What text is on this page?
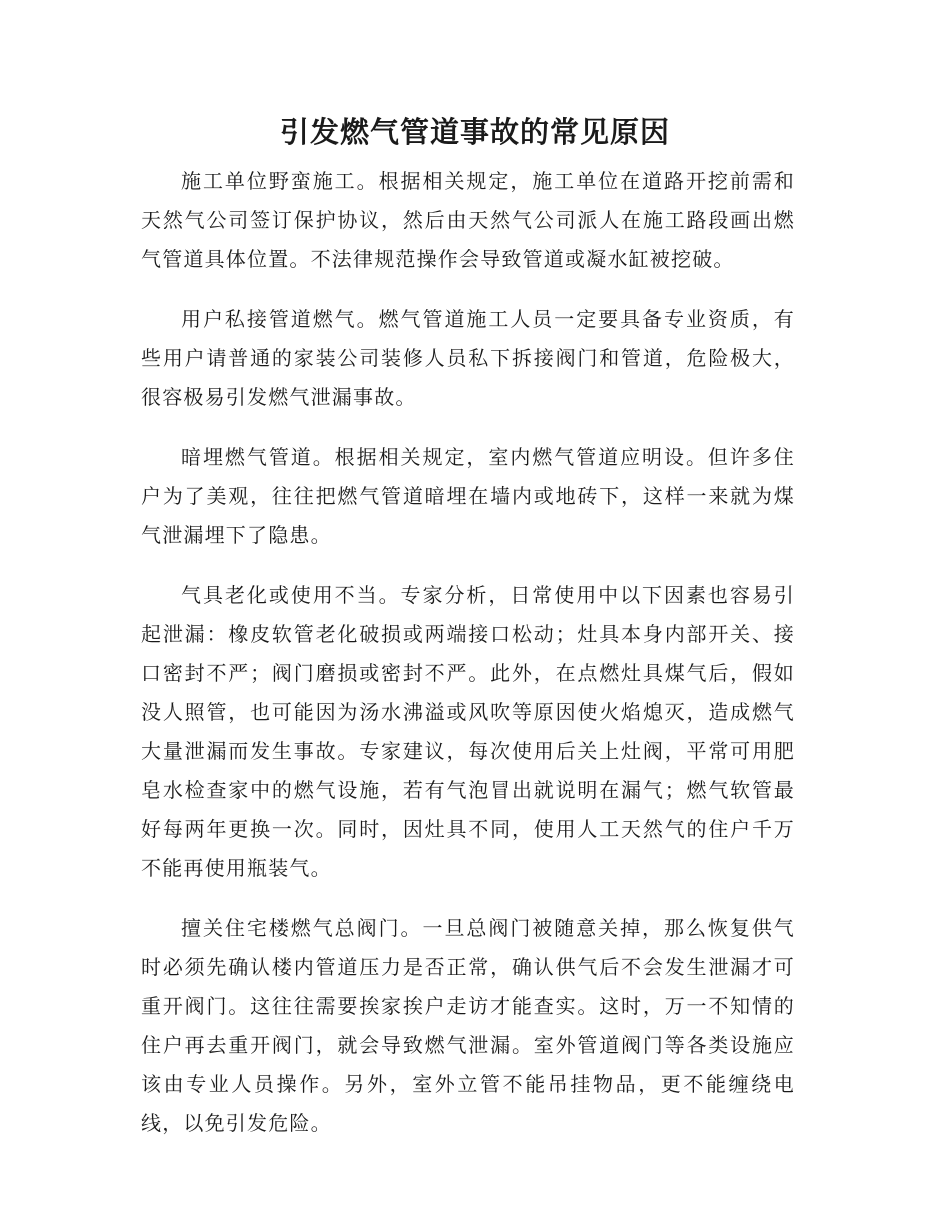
引发燃气管道事故的常见原因

施工单位野蛮施工。根据相关规定，施工单位在道路开挖前需和天然气公司签订保护协议，然后由天然气公司派人在施工路段画出燃气管道具体位置。不法律规范操作会导致管道或凝水缸被挖破。

用户私接管道燃气。燃气管道施工人员一定要具备专业资质，有些用户请普通的家装公司装修人员私下拆接阀门和管道，危险极大，很容极易引发燃气泄漏事故。

暗埋燃气管道。根据相关规定，室内燃气管道应明设。但许多住户为了美观，往往把燃气管道暗埋在墙内或地砖下，这样一来就为煤气泄漏埋下了隐患。

气具老化或使用不当。专家分析，日常使用中以下因素也容易引起泄漏：橡皮软管老化破损或两端接口松动；灶具本身内部开关、接口密封不严；阀门磨损或密封不严。此外，在点燃灶具煤气后，假如没人照管，也可能因为汤水沸溢或风吹等原因使火焰熄灭，造成燃气大量泄漏而发生事故。专家建议，每次使用后关上灶阀，平常可用肥皂水检查家中的燃气设施，若有气泡冒出就说明在漏气；燃气软管最好每两年更换一次。同时，因灶具不同，使用人工天然气的住户千万不能再使用瓶装气。

擅关住宅楼燃气总阀门。一旦总阀门被随意关掉，那么恢复供气时必须先确认楼内管道压力是否正常，确认供气后不会发生泄漏才可重开阀门。这往往需要挨家挨户走访才能查实。这时，万一不知情的住户再去重开阀门，就会导致燃气泄漏。室外管道阀门等各类设施应该由专业人员操作。另外，室外立管不能吊挂物品，更不能缠绕电线，以免引发危险。
